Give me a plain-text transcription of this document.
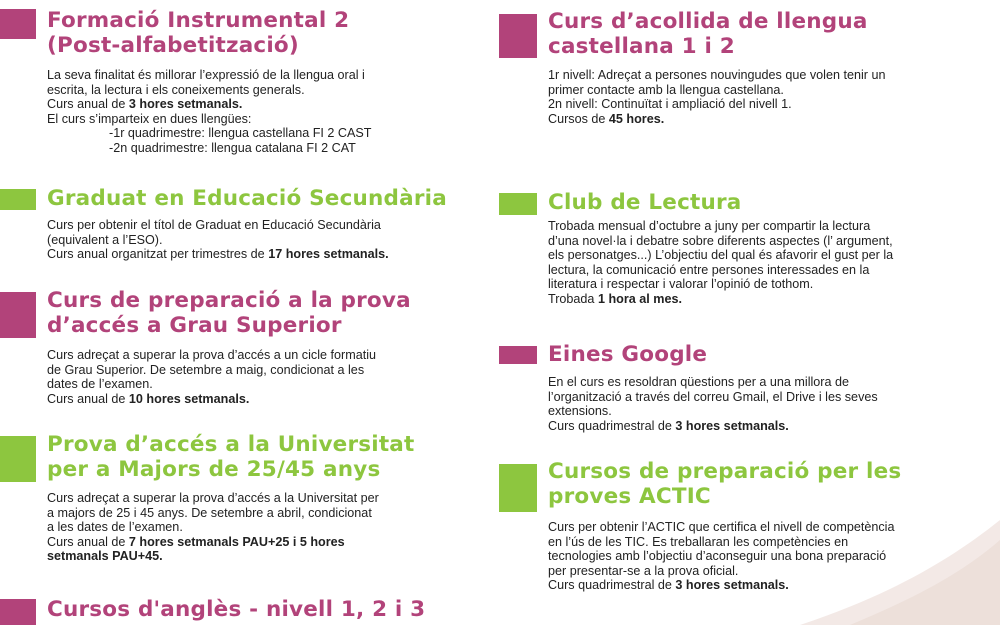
Formació Instrumental 2
(Post-alfabetització)
La seva finalitat és millorar l’expressió de la llengua oral i
escrita, la lectura i els coneixements generals.
Curs anual de 3 hores setmanals.
El curs s’imparteix en dues llengües:
-1r quadrimestre: llengua castellana FI 2 CAST
-2n quadrimestre: llengua catalana FI 2 CAT
Graduat en Educació Secundària
Curs per obtenir el títol de Graduat en Educació Secundària
(equivalent a l’ESO).
Curs anual organitzat per trimestres de 17 hores setmanals.
Curs de preparació a la prova
d’accés a Grau Superior
Curs adreçat a superar la prova d’accés a un cicle formatiu
de Grau Superior. De setembre a maig, condicionat a les
dates de l’examen.
Curs anual de 10 hores setmanals.
Prova d’accés a la Universitat
per a Majors de 25/45 anys
Curs adreçat a superar la prova d’accés a la Universitat per
a majors de 25 i 45 anys. De setembre a abril, condicionat
a les dates de l’examen.
Curs anual de 7 hores setmanals PAU+25 i 5 hores
setmanals PAU+45.
Cursos d'anglès - nivell 1, 2 i 3
Curs d’acollida de llengua
castellana 1 i 2
1r nivell: Adreçat a persones nouvingudes que volen tenir un
primer contacte amb la llengua castellana.
2n nivell: Continuïtat i ampliació del nivell 1.
Cursos de 45 hores.
Club de Lectura
Trobada mensual d’octubre a juny per compartir la lectura
d’una novel·la i debatre sobre diferents aspectes (l’ argument,
els personatges...) L’objectiu del qual és afavorir el gust per la
lectura, la comunicació entre persones interessades en la
literatura i respectar i valorar l’opinió de tothom.
Trobada 1 hora al mes.
Eines Google
En el curs es resoldran qüestions per a una millora de
l’organització a través del correu Gmail, el Drive i les seves
extensions.
Curs quadrimestral de 3 hores setmanals.
Cursos de preparació per les
proves ACTIC
Curs per obtenir l’ACTIC que certifica el nivell de competència
en l’ús de les TIC. Es treballaran les competències en
tecnologies amb l’objectiu d’aconseguir una bona preparació
per presentar-se a la prova oficial.
Curs quadrimestral de 3 hores setmanals.
